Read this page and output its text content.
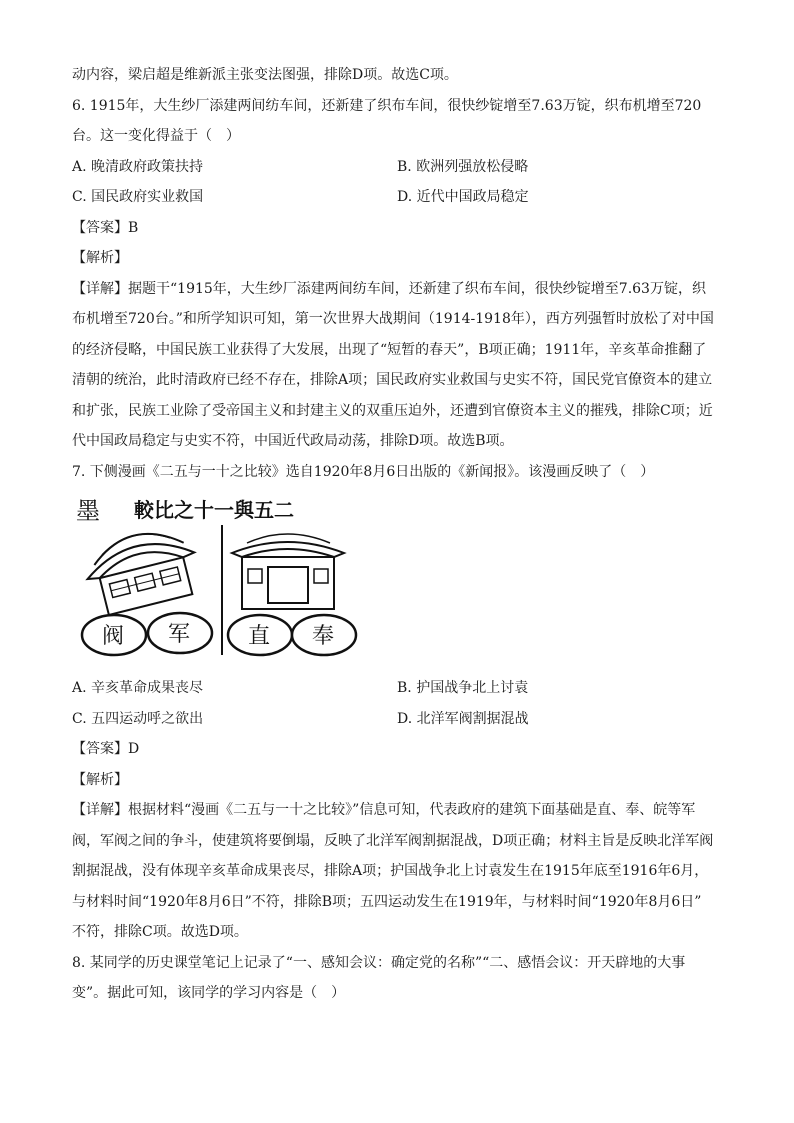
动内容，梁启超是维新派主张变法图强，排除D项。故选C项。
6. 1915年，大生纱厂添建两间纺车间，还新建了织布车间，很快纱锭增至7.63万锭，织布机增至720
台。这一变化得益于（　）
A. 晚清政府政策扶持	B. 欧洲列强放松侵略
C. 国民政府实业救国	D. 近代中国政局稳定
【答案】B
【解析】
【详解】据题干“1915年，大生纱厂添建两间纺车间，还新建了织布车间，很快纱锭增至7.63万锭，织
布机增至720台。”和所学知识可知，第一次世界大战期间（1914-1918年），西方列强暂时放松了对中国
的经济侵略，中国民族工业获得了大发展，出现了“短暂的春天”，B项正确；1911年，辛亥革命推翻了
清朝的统治，此时清政府已经不存在，排除A项；国民政府实业救国与史实不符，国民党官僚资本的建立
和扩张，民族工业除了受帝国主义和封建主义的双重压迫外，还遭到官僚资本主义的摧残，排除C项；近
代中国政局稳定与史实不符，中国近代政局动荡，排除D项。故选B项。
7. 下侧漫画《二五与一十之比较》选自1920年8月6日出版的《新闻报》。该漫画反映了（　）
墨 較比之十一與五二
阀 军	直 奉
A. 辛亥革命成果丧尽	B. 护国战争北上讨袁
C. 五四运动呼之欲出	D. 北洋军阀割据混战
【答案】D
【解析】
【详解】根据材料“漫画《二五与一十之比较》”信息可知，代表政府的建筑下面基础是直、奉、皖等军
阀，军阀之间的争斗，使建筑将要倒塌，反映了北洋军阀割据混战，D项正确；材料主旨是反映北洋军阀
割据混战，没有体现辛亥革命成果丧尽，排除A项；护国战争北上讨袁发生在1915年底至1916年6月，
与材料时间“1920年8月6日”不符，排除B项；五四运动发生在1919年，与材料时间“1920年8月6日”
不符，排除C项。故选D项。
8. 某同学的历史课堂笔记上记录了“一、感知会议：确定党的名称”“二、感悟会议：开天辟地的大事
变”。据此可知，该同学的学习内容是（　）
